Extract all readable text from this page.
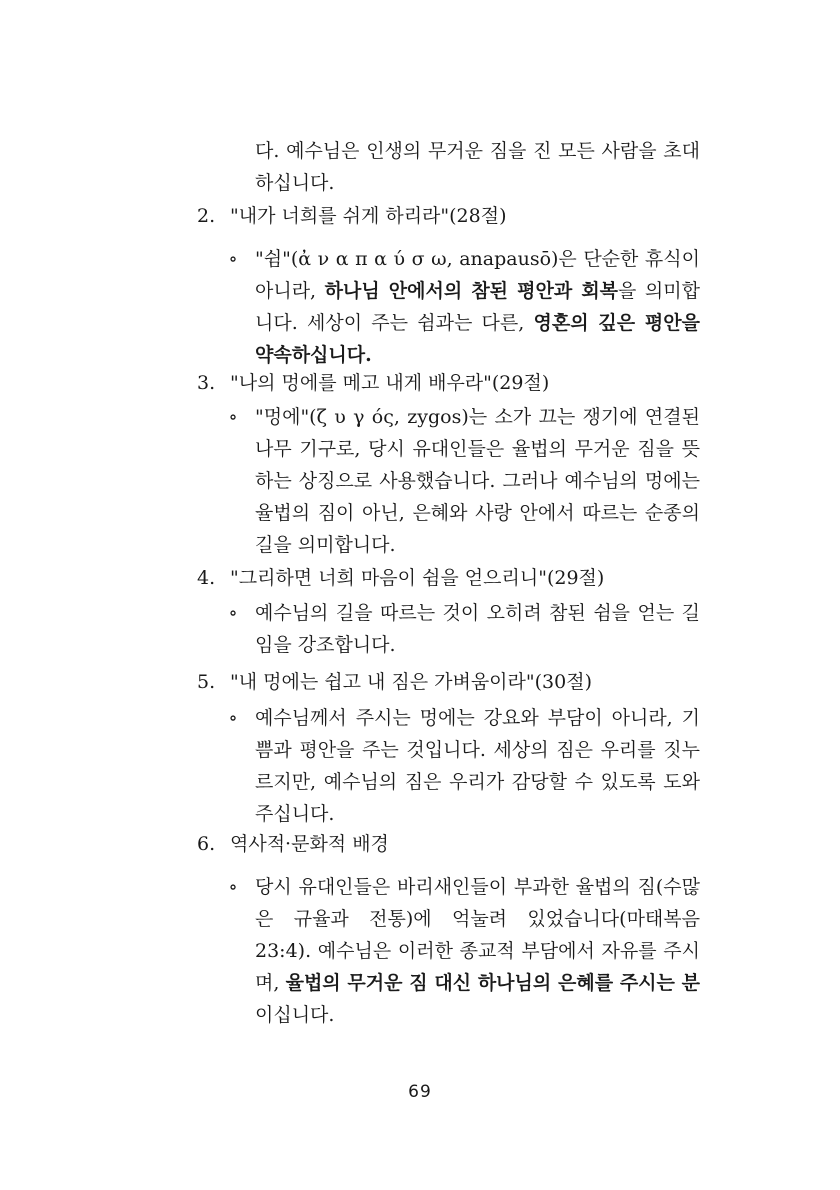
다. 예수님은 인생의 무거운 짐을 진 모든 사람을 초대하십니다.
2. "내가 너희를 쉬게 하리라"(28절)
∘ "쉼"(ἀ ν α π α ύ σ ω, anapausō)은 단순한 휴식이 아니라, 하나님 안에서의 참된 평안과 회복을 의미합니다. 세상이 주는 쉼과는 다른, 영혼의 깊은 평안을 약속하십니다.
3. "나의 멍에를 메고 내게 배우라"(29절)
∘ "멍에"(ζ υ γ ός, zygos)는 소가 끄는 쟁기에 연결된 나무 기구로, 당시 유대인들은 율법의 무거운 짐을 뜻하는 상징으로 사용했습니다. 그러나 예수님의 멍에는 율법의 짐이 아닌, 은혜와 사랑 안에서 따르는 순종의 길을 의미합니다.
4. "그리하면 너희 마음이 쉼을 얻으리니"(29절)
∘ 예수님의 길을 따르는 것이 오히려 참된 쉼을 얻는 길임을 강조합니다.
5. "내 멍에는 쉽고 내 짐은 가벼움이라"(30절)
∘ 예수님께서 주시는 멍에는 강요와 부담이 아니라, 기쁨과 평안을 주는 것입니다. 세상의 짐은 우리를 짓누르지만, 예수님의 짐은 우리가 감당할 수 있도록 도와주십니다.
6. 역사적·문화적 배경
∘ 당시 유대인들은 바리새인들이 부과한 율법의 짐(수많은 규율과 전통)에 억눌려 있었습니다(마태복음 23:4). 예수님은 이러한 종교적 부담에서 자유를 주시며, 율법의 무거운 짐 대신 하나님의 은혜를 주시는 분이십니다.
69
